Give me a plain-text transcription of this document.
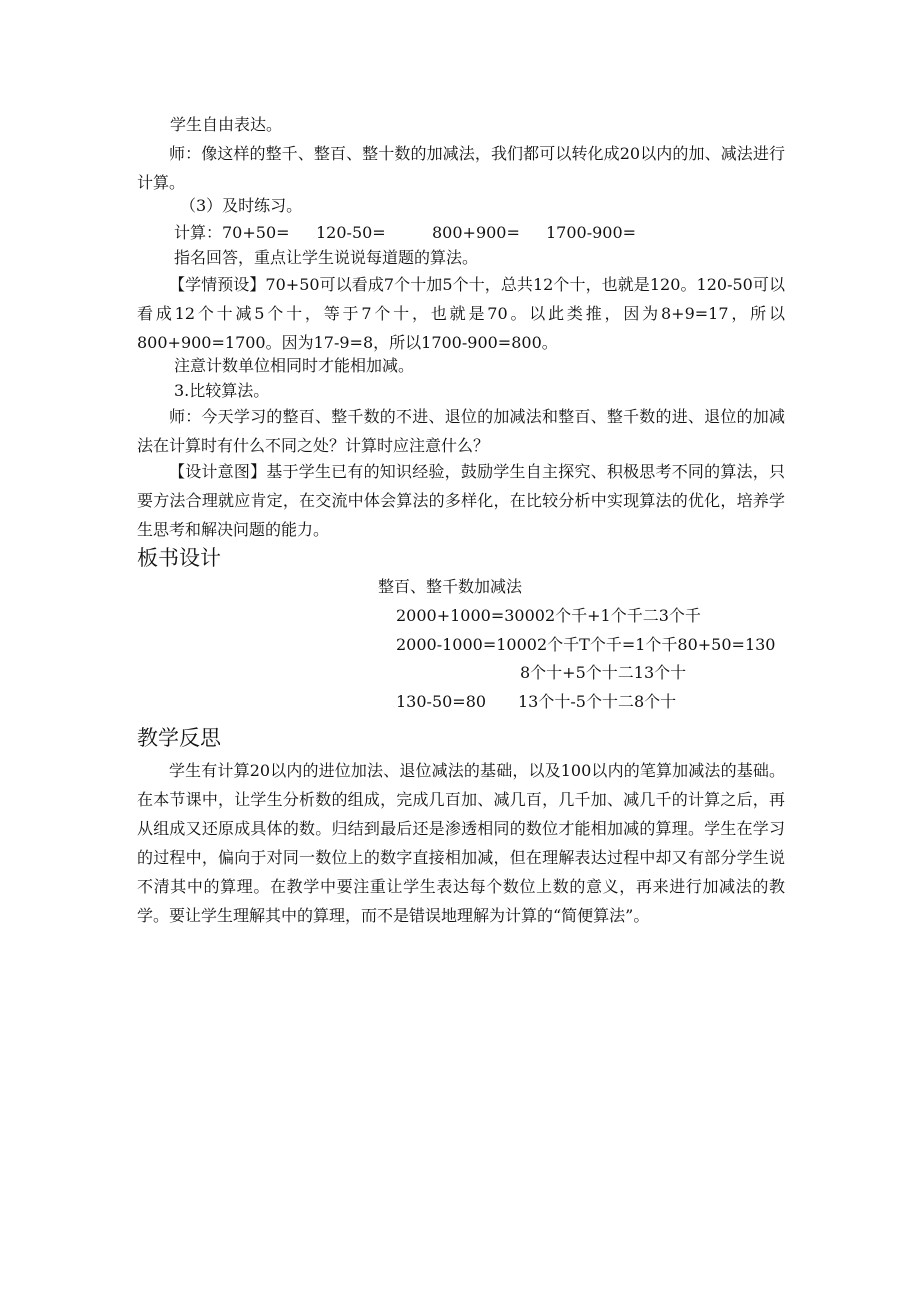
学生自由表达。
师：像这样的整千、整百、整十数的加减法，我们都可以转化成20以内的加、减法进行计算。
（3）及时练习。
计算： 70+50= 120-50=	800+900= 1700-900=
指名回答，重点让学生说说每道题的算法。
【学情预设】70+50可以看成7个十加5个十，总共12个十，也就是120。120-50可以看成12个十减5个十，等于7个十，也就是70。以此类推，因为8+9=17，所以800+900=1700。因为17-9=8，所以1700-900=800。
注意计数单位相同时才能相加减。
3.比较算法。
师：今天学习的整百、整千数的不进、退位的加减法和整百、整千数的进、退位的加减法在计算时有什么不同之处？计算时应注意什么？
【设计意图】基于学生已有的知识经验，鼓励学生自主探究、积极思考不同的算法，只要方法合理就应肯定，在交流中体会算法的多样化，在比较分析中实现算法的优化，培养学生思考和解决问题的能力。
板书设计
整百、整千数加减法
2000+1000=30002个千+1个千二3个千
2000-1000=10002个千T个千=1个千80+50=130
8个十+5个十二13个十
130-50=80 13个十-5个十二8个十
教学反思
学生有计算20以内的进位加法、退位减法的基础，以及100以内的笔算加减法的基础。在本节课中，让学生分析数的组成，完成几百加、减几百，几千加、减几千的计算之后，再从组成又还原成具体的数。归结到最后还是渗透相同的数位才能相加减的算理。学生在学习的过程中，偏向于对同一数位上的数字直接相加减，但在理解表达过程中却又有部分学生说不清其中的算理。在教学中要注重让学生表达每个数位上数的意义，再来进行加减法的教学。要让学生理解其中的算理，而不是错误地理解为计算的“简便算法”。
